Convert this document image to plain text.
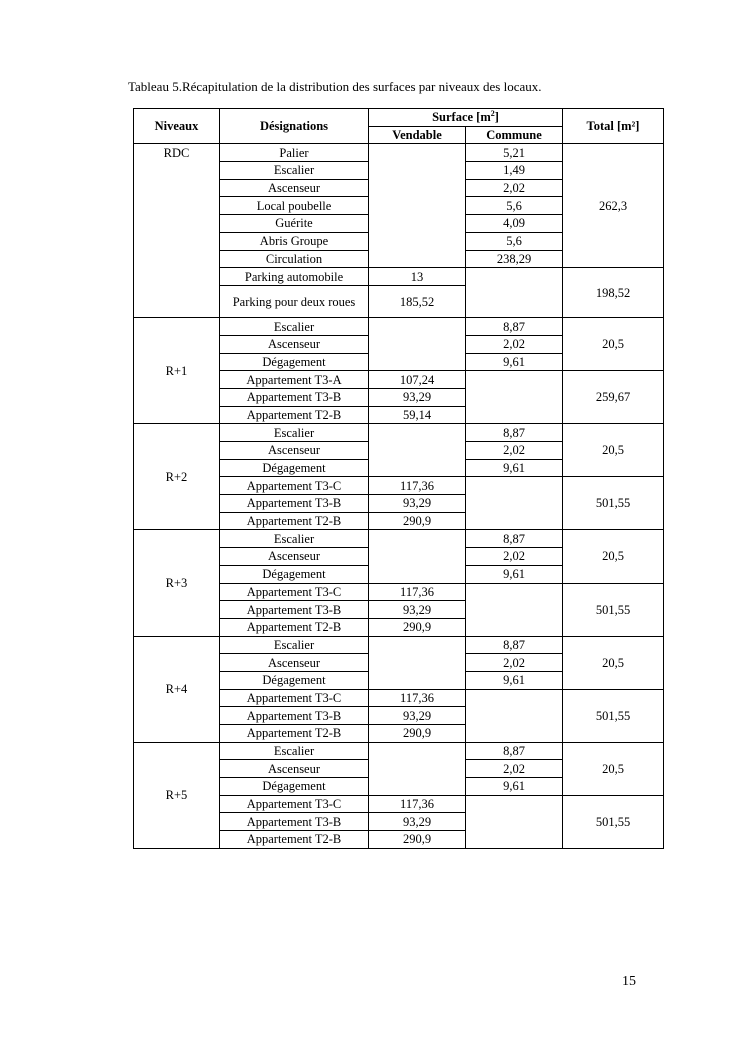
Tableau 5.Récapitulation de la distribution des surfaces par niveaux des locaux.
Niveaux	Désignations	Surface $[m^2]$		Total [m²]
		Vendable	Commune	
RDC	Palier		5,21	262,3
	Escalier		1,49	
	Ascenseur		2,02	
	Local poubelle		5,6	
	Guérite		4,09	
	Abris Groupe		5,6	
	Circulation		238,29	
	Parking automobile	13		198,52
	Parking pour deux roues	185,52		

R+1	Escalier		8,87	20,5
	Ascenseur		2,02	
	Dégagement		9,61	
	Appartement T3-A	107,24		259,67
	Appartement T3-B	93,29		
	Appartement T2-B	59,14		
R+2	Escalier		8,87	20,5
	Ascenseur		2,02	
	Dégagement		9,61	
	Appartement T3-C	117,36		501,55
	Appartement T3-B	93,29		
	Appartement T2-B	290,9		
R+3	Escalier		8,87	20,5
	Ascenseur		2,02	
	Dégagement		9,61	
	Appartement T3-C	117,36		501,55
	Appartement T3-B	93,29		
	Appartement T2-B	290,9		
R+4	Escalier		8,87	20,5
	Ascenseur		2,02	
	Dégagement		9,61	
	Appartement T3-C	117,36		501,55
	Appartement T3-B	93,29		
	Appartement T2-B	290,9		
R+5	Escalier		8,87	20,5
	Ascenseur		2,02	
	Dégagement		9,61	
	Appartement T3-C	117,36		501,55
	Appartement T3-B	93,29		
	Appartement T2-B	290,9		
15
